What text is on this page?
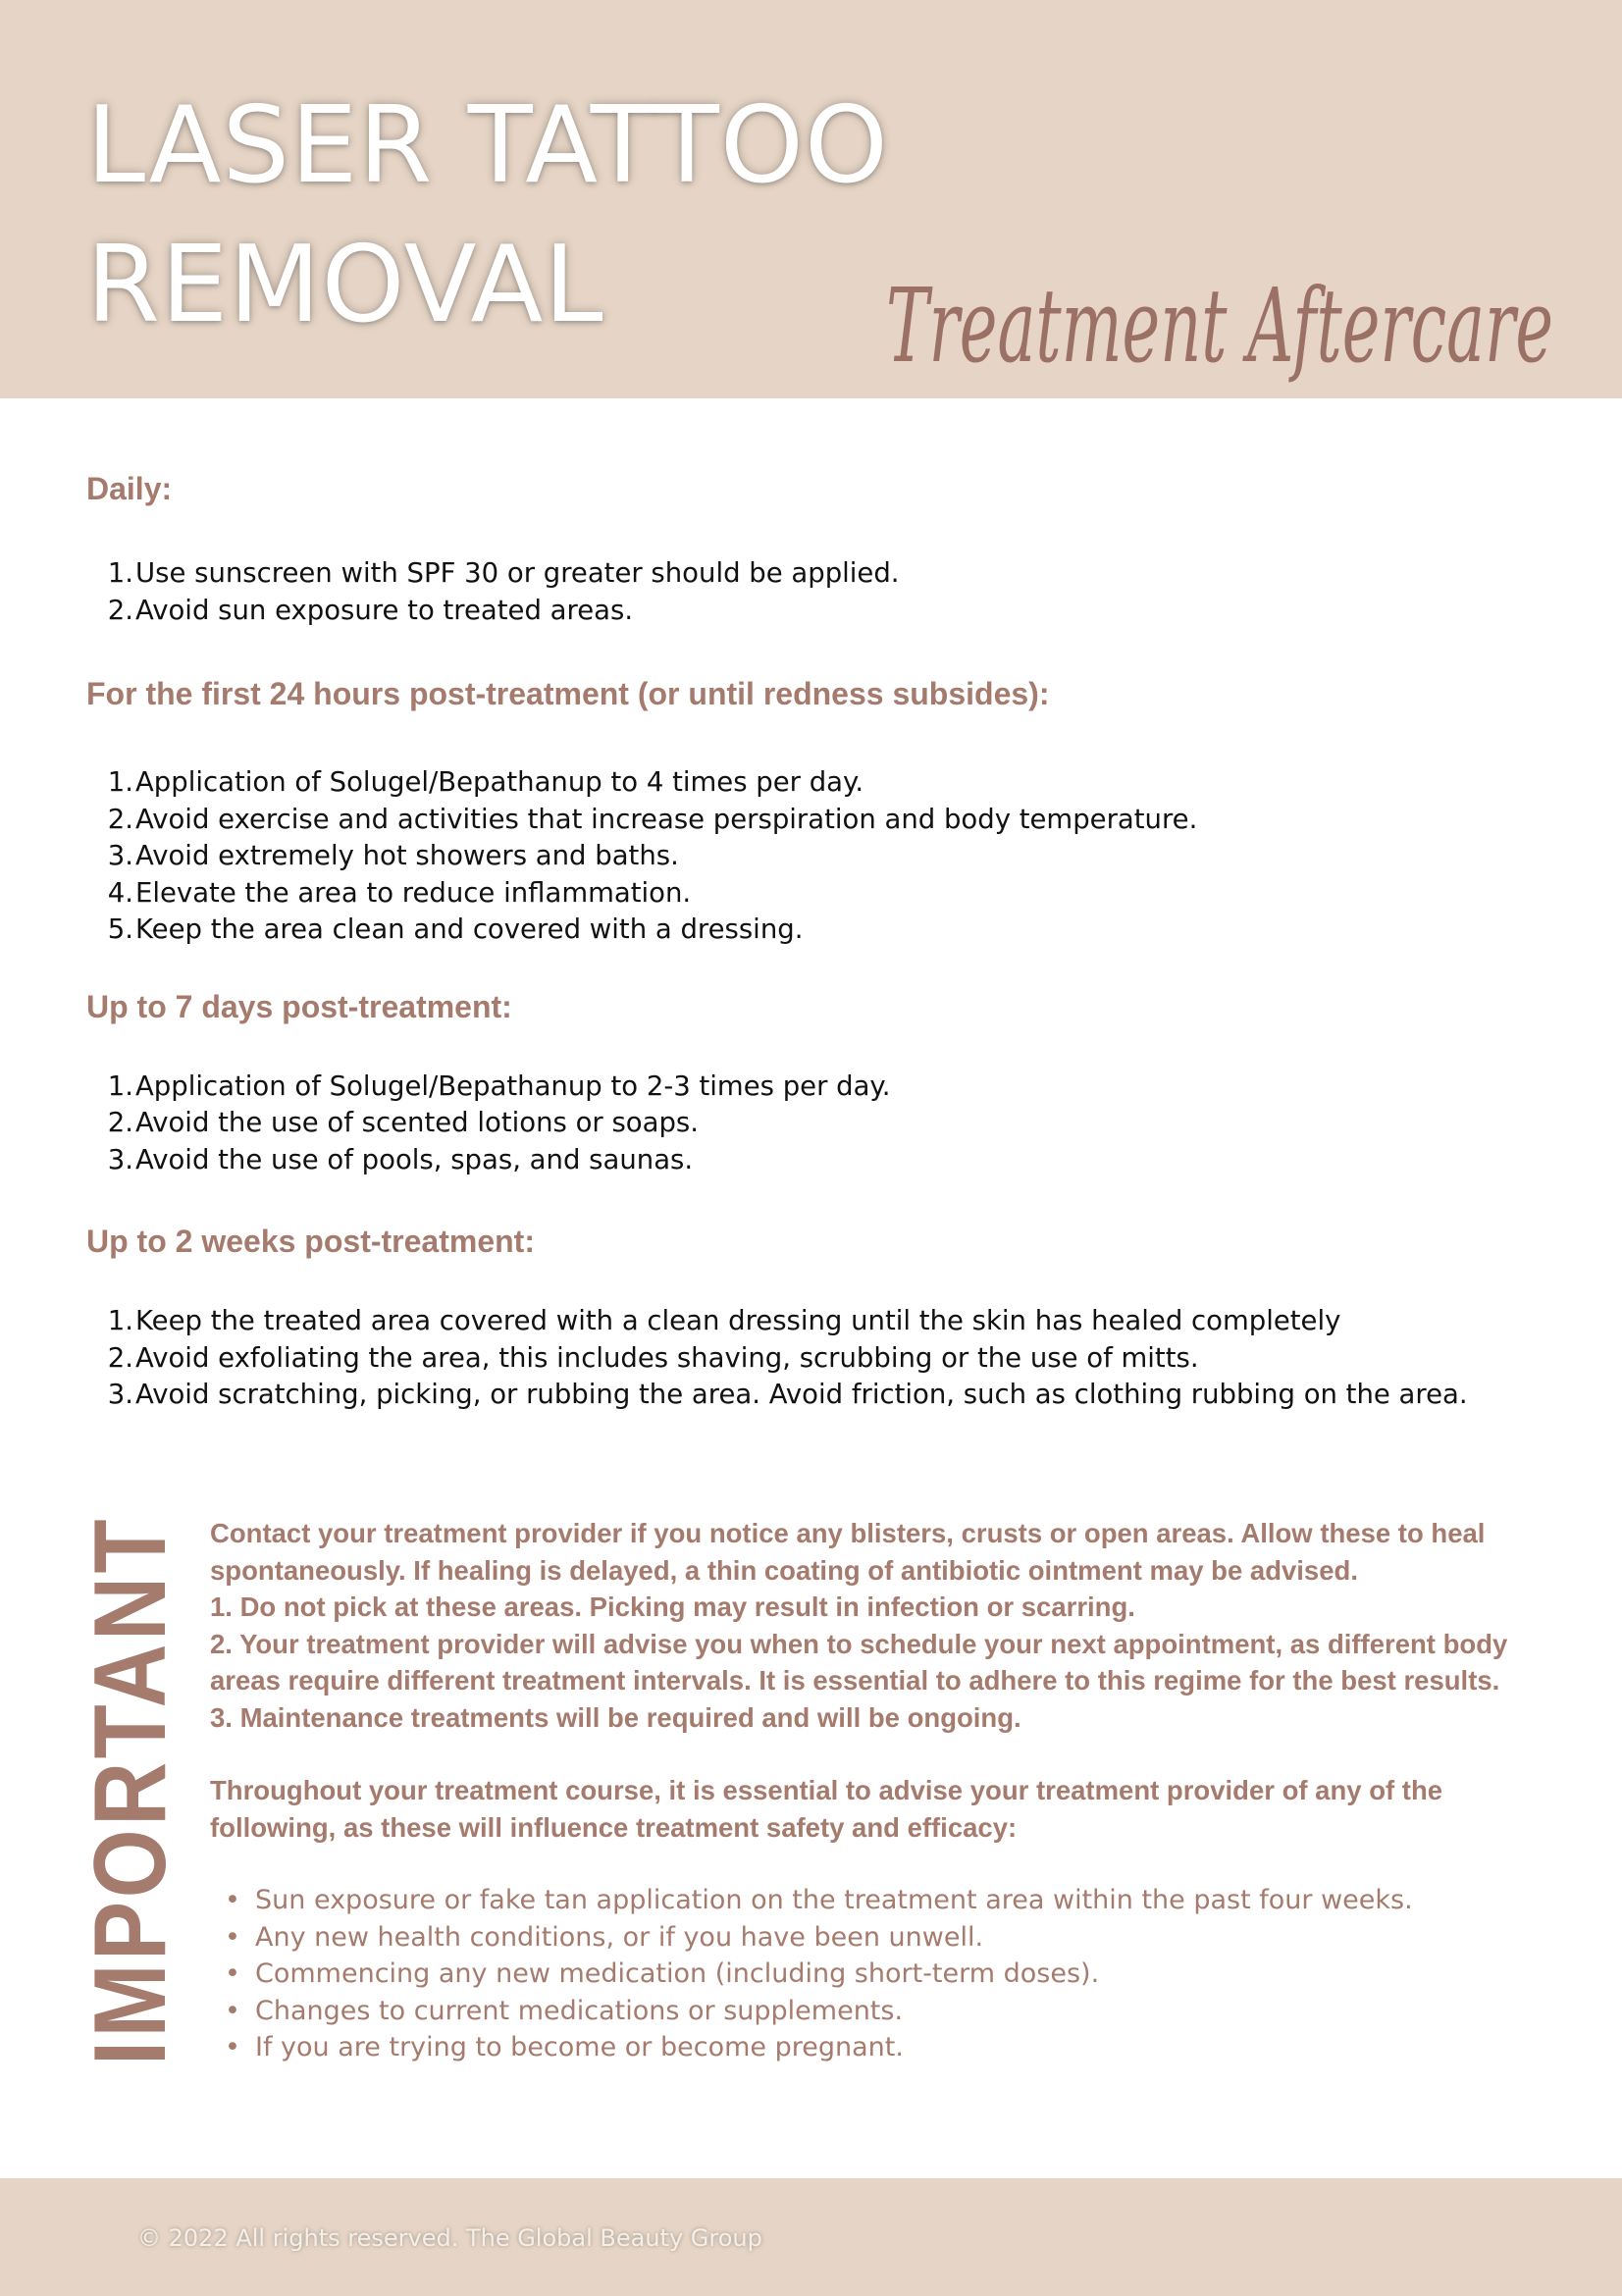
LASER TATTOO
REMOVAL	Treatment Aftercare
Daily:
1. Use sunscreen with SPF 30 or greater should be applied.
2. Avoid sun exposure to treated areas.
For the first 24 hours post-treatment (or until redness subsides):
1. Application of Solugel/Bepathanup to 4 times per day.
2. Avoid exercise and activities that increase perspiration and body temperature.
3. Avoid extremely hot showers and baths.
4. Elevate the area to reduce inflammation.
5. Keep the area clean and covered with a dressing.
Up to 7 days post-treatment:
1. Application of Solugel/Bepathanup to 2-3 times per day.
2. Avoid the use of scented lotions or soaps.
3. Avoid the use of pools, spas, and saunas.
Up to 2 weeks post-treatment:
1. Keep the treated area covered with a clean dressing until the skin has healed completely
2. Avoid exfoliating the area, this includes shaving, scrubbing or the use of mitts.
3. Avoid scratching, picking, or rubbing the area. Avoid friction, such as clothing rubbing on the area.
IMPORTANT Contact your treatment provider if you notice any blisters, crusts or open areas. Allow these to heal
spontaneously. If healing is delayed, a thin coating of antibiotic ointment may be advised.
1. Do not pick at these areas. Picking may result in infection or scarring.
2. Your treatment provider will advise you when to schedule your next appointment, as different body
areas require different treatment intervals. It is essential to adhere to this regime for the best results.
3. Maintenance treatments will be required and will be ongoing.

Throughout your treatment course, it is essential to advise your treatment provider of any of the
following, as these will influence treatment safety and efficacy:

• Sun exposure or fake tan application on the treatment area within the past four weeks.
• Any new health conditions, or if you have been unwell.
• Commencing any new medication (including short-term doses).
• Changes to current medications or supplements.
• If you are trying to become or become pregnant.

© 2022 All rights reserved. The Global Beauty Group
